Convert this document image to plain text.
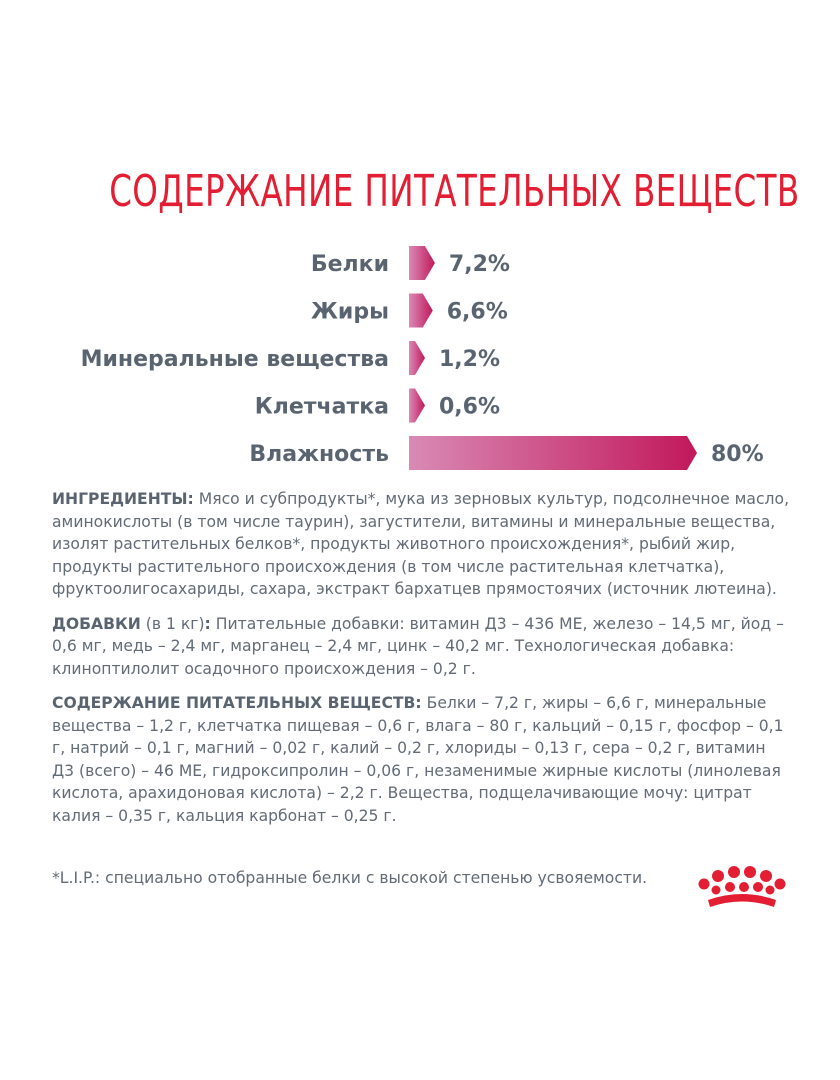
СОДЕРЖАНИЕ ПИТАТЕЛЬНЫХ ВЕЩЕСТВ
Белки	7,2%
Жиры	6,6%
Минеральные вещества 1,2%
Клетчатка 0,6%
Влажность	80%

ИНГРЕДИЕНТЫ: Мясо и субпродукты*, мука из зерновых культур, подсолнечное масло, аминокислоты (в том числе таурин), загустители, витамины и минеральные вещества, изолят растительных белков*, продукты животного происхождения*, рыбий жир, продукты растительного происхождения (в том числе растительная клетчатка), фруктоолигосахариды, сахара, экстракт бархатцев прямостоячих (источник лютеина).

ДОБАВКИ (в 1 кг): Питательные добавки: витамин Д3 – 436 МЕ, железо – 14,5 мг, йод – 0,6 мг, медь – 2,4 мг, марганец – 2,4 мг, цинк – 40,2 мг. Технологическая добавка: клиноптилолит осадочного происхождения – 0,2 г.

СОДЕРЖАНИЕ ПИТАТЕЛЬНЫХ ВЕЩЕСТВ: Белки – 7,2 г, жиры – 6,6 г, минеральные вещества – 1,2 г, клетчатка пищевая – 0,6 г, влага – 80 г, кальций – 0,15 г, фосфор – 0,1 г, натрий – 0,1 г, магний – 0,02 г, калий – 0,2 г, хлориды – 0,13 г, сера – 0,2 г, витамин Д3 (всего) – 46 МЕ, гидроксипролин – 0,06 г, незаменимые жирные кислоты (линолевая кислота, арахидоновая кислота) – 2,2 г. Вещества, подщелачивающие мочу: цитрат калия – 0,35 г, кальция карбонат – 0,25 г.

*L.I.P.: специально отобранные белки с высокой степенью усвояемости.
